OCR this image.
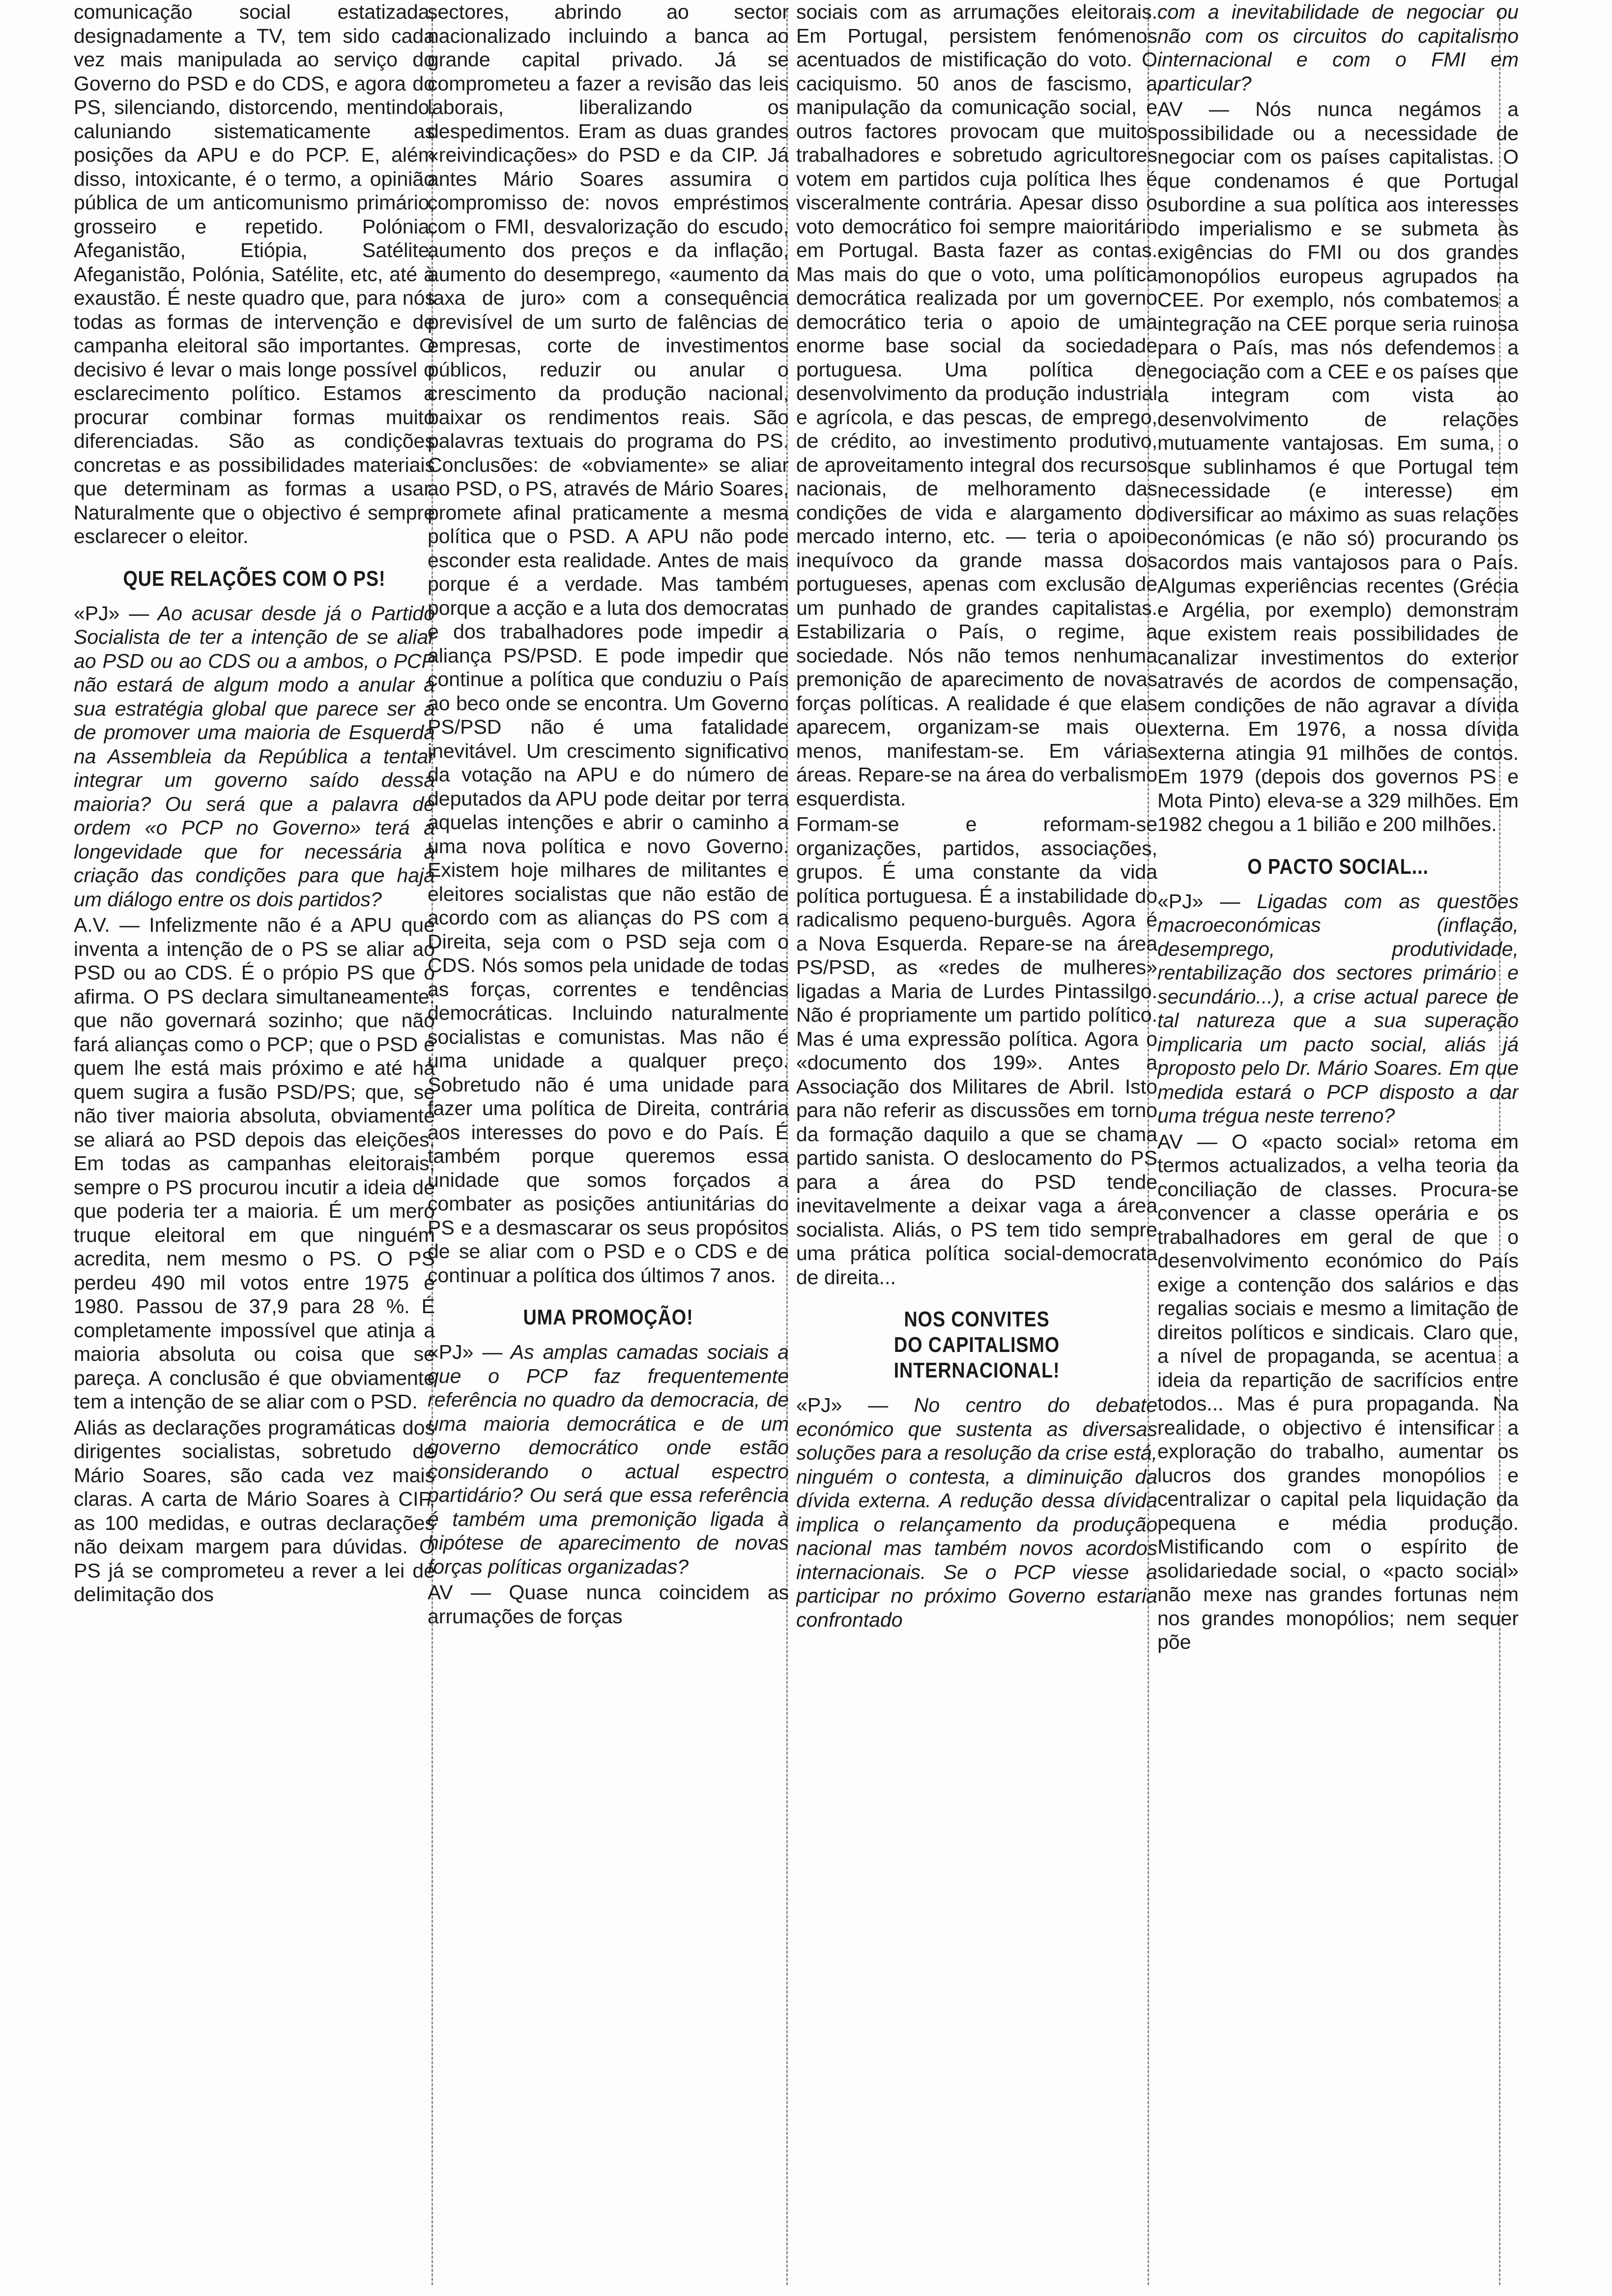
comunicação social estatizada, designadamente a TV, tem sido cada vez mais manipulada ao serviço do Governo do PSD e do CDS, e agora do PS, silenciando, distorcendo, mentindo, caluniando sistematicamente as posições da APU e do PCP. E, além disso, intoxicante, é o termo, a opinião pública de um anticomunismo primário, grosseiro e repetido. Polónia, Afeganistão, Etiópia, Satélite, Afeganistão, Polónia, Satélite, etc, até à exaustão. É neste quadro que, para nós todas as formas de intervenção e de campanha eleitoral são importantes. O decisivo é levar o mais longe possível o esclarecimento político. Estamos a procurar combinar formas muito diferenciadas. São as condições concretas e as possibilidades materiais que determinam as formas a usar. Naturalmente que o objectivo é sempre esclarecer o eleitor.

QUE RELAÇÕES COM O PS!

«PJ» — Ao acusar desde já o Partido Socialista de ter a intenção de se aliar ao PSD ou ao CDS ou a ambos, o PCP não estará de algum modo a anular a sua estratégia global que parece ser a de promover uma maioria de Esquerda na Assembleia da República a tentar integrar um governo saído dessa maioria? Ou será que a palavra de ordem «o PCP no Governo» terá a longevidade que for necessária à criação das condições para que haja um diálogo entre os dois partidos?

A.V. — Infelizmente não é a APU que inventa a intenção de o PS se aliar ao PSD ou ao CDS. É o própio PS que o afirma. O PS declara simultaneamente: que não governará sozinho; que não fará alianças como o PCP; que o PSD é quem lhe está mais próximo e até há quem sugira a fusão PSD/PS; que, se não tiver maioria absoluta, obviamente se aliará ao PSD depois das eleições. Em todas as campanhas eleitorais, sempre o PS procurou incutir a ideia de que poderia ter a maioria. É um mero truque eleitoral em que ninguém acredita, nem mesmo o PS. O PS perdeu 490 mil votos entre 1975 e 1980. Passou de 37,9 para 28 %. É completamente impossível que atinja a maioria absoluta ou coisa que se pareça. A conclusão é que obviamente tem a intenção de se aliar com o PSD.

Aliás as declarações programáticas dos dirigentes socialistas, sobretudo de Mário Soares, são cada vez mais claras. A carta de Mário Soares à CIP, as 100 medidas, e outras declarações não deixam margem para dúvidas. O PS já se comprometeu a rever a lei de delimitação dos

sectores, abrindo ao sector nacionalizado incluindo a banca ao grande capital privado. Já se comprometeu a fazer a revisão das leis laborais, liberalizando os despedimentos. Eram as duas grandes «reivindicações» do PSD e da CIP. Já antes Mário Soares assumira o compromisso de: novos empréstimos com o FMI, desvalorização do escudo, aumento dos preços e da inflação, aumento do desemprego, «aumento da taxa de juro» com a consequência previsível de um surto de falências de empresas, corte de investimentos públicos, reduzir ou anular o crescimento da produção nacional, baixar os rendimentos reais. São palavras textuais do programa do PS. Conclusões: de «obviamente» se aliar ao PSD, o PS, através de Mário Soares, promete afinal praticamente a mesma política que o PSD. A APU não pode esconder esta realidade. Antes de mais porque é a verdade. Mas também porque a acção e a luta dos democratas e dos trabalhadores pode impedir a aliança PS/PSD. E pode impedir que continue a política que conduziu o País ao beco onde se encontra. Um Governo PS/PSD não é uma fatalidade inevitável. Um crescimento significativo da votação na APU e do número de deputados da APU pode deitar por terra aquelas intenções e abrir o caminho a uma nova política e novo Governo. Existem hoje milhares de militantes e eleitores socialistas que não estão de acordo com as alianças do PS com a Direita, seja com o PSD seja com o CDS. Nós somos pela unidade de todas as forças, correntes e tendências democráticas. Incluindo naturalmente socialistas e comunistas. Mas não é uma unidade a qualquer preço. Sobretudo não é uma unidade para fazer uma política de Direita, contrária aos interesses do povo e do País. É também porque queremos essa unidade que somos forçados a combater as posições antiunitárias do PS e a desmascarar os seus propósitos de se aliar com o PSD e o CDS e de continuar a política dos últimos 7 anos.

UMA PROMOÇÃO!

«PJ» — As amplas camadas sociais a que o PCP faz frequentemente referência no quadro da democracia, de uma maioria democrática e de um governo democrático onde estão considerando o actual espectro partidário? Ou será que essa referência é também uma premonição ligada à hipótese de aparecimento de novas forças políticas organizadas?

AV — Quase nunca coincidem as arrumações de forças

sociais com as arrumações eleitorais. Em Portugal, persistem fenómenos acentuados de mistificação do voto. O caciquismo. 50 anos de fascismo, a manipulação da comunicação social, e outros factores provocam que muitos trabalhadores e sobretudo agricultores votem em partidos cuja política lhes é visceralmente contrária. Apesar disso o voto democrático foi sempre maioritário em Portugal. Basta fazer as contas. Mas mais do que o voto, uma política democrática realizada por um governo democrático teria o apoio de uma enorme base social da sociedade portuguesa. Uma política de desenvolvimento da produção industrial e agrícola, e das pescas, de emprego, de crédito, ao investimento produtivo, de aproveitamento integral dos recursos nacionais, de melhoramento das condições de vida e alargamento do mercado interno, etc. — teria o apoio inequívoco da grande massa dos portugueses, apenas com exclusão de um punhado de grandes capitalistas. Estabilizaria o País, o regime, a sociedade. Nós não temos nenhuma premonição de aparecimento de novas forças políticas. A realidade é que elas aparecem, organizam-se mais ou menos, manifestam-se. Em várias áreas. Repare-se na área do verbalismo esquerdista.

Formam-se e reformam-se organizações, partidos, associações, grupos. É uma constante da vida política portuguesa. É a instabilidade do radicalismo pequeno-burguês. Agora é a Nova Esquerda. Repare-se na área PS/PSD, as «redes de mulheres» ligadas a Maria de Lurdes Pintassilgo. Não é propriamente um partido político. Mas é uma expressão política. Agora o «documento dos 199». Antes a Associação dos Militares de Abril. Isto para não referir as discussões em torno da formação daquilo a que se chama partido sanista. O deslocamento do PS para a área do PSD tende inevitavelmente a deixar vaga a área socialista. Aliás, o PS tem tido sempre uma prática política social-democrata de direita...

NOS CONVITES
DO CAPITALISMO
INTERNACIONAL!

«PJ» — No centro do debate económico que sustenta as diversas soluções para a resolução da crise está, ninguém o contesta, a diminuição da dívida externa. A redução dessa dívida implica o relançamento da produção nacional mas também novos acordos internacionais. Se o PCP viesse a participar no próximo Governo estaria confrontado

com a inevitabilidade de negociar ou não com os circuitos do capitalismo internacional e com o FMI em particular?

AV — Nós nunca negámos a possibilidade ou a necessidade de negociar com os países capitalistas. O que condenamos é que Portugal subordine a sua política aos interesses do imperialismo e se submeta às exigências do FMI ou dos grandes monopólios europeus agrupados na CEE. Por exemplo, nós combatemos a integração na CEE porque seria ruinosa para o País, mas nós defendemos a negociação com a CEE e os países que a integram com vista ao desenvolvimento de relações mutuamente vantajosas. Em suma, o que sublinhamos é que Portugal tem necessidade (e interesse) em diversificar ao máximo as suas relações económicas (e não só) procurando os acordos mais vantajosos para o País. Algumas experiências recentes (Grécia e Argélia, por exemplo) demonstram que existem reais possibilidades de canalizar investimentos do exterior através de acordos de compensação, em condições de não agravar a dívida externa. Em 1976, a nossa dívida externa atingia 91 milhões de contos. Em 1979 (depois dos governos PS e Mota Pinto) eleva-se a 329 milhões. Em 1982 chegou a 1 bilião e 200 milhões.

O PACTO SOCIAL...

«PJ» — Ligadas com as questões macroeconómicas (inflação, desemprego, produtividade, rentabilização dos sectores primário e secundário...), a crise actual parece de tal natureza que a sua superação implicaria um pacto social, aliás já proposto pelo Dr. Mário Soares. Em que medida estará o PCP disposto a dar uma trégua neste terreno?

AV — O «pacto social» retoma em termos actualizados, a velha teoria da conciliação de classes. Procura-se convencer a classe operária e os trabalhadores em geral de que o desenvolvimento económico do País exige a contenção dos salários e das regalias sociais e mesmo a limitação de direitos políticos e sindicais. Claro que, a nível de propaganda, se acentua a ideia da repartição de sacrifícios entre todos... Mas é pura propaganda. Na realidade, o objectivo é intensificar a exploração do trabalho, aumentar os lucros dos grandes monopólios e centralizar o capital pela liquidação da pequena e média produção. Mistificando com o espírito de solidariedade social, o «pacto social» não mexe nas grandes fortunas nem nos grandes monopólios; nem sequer põe
